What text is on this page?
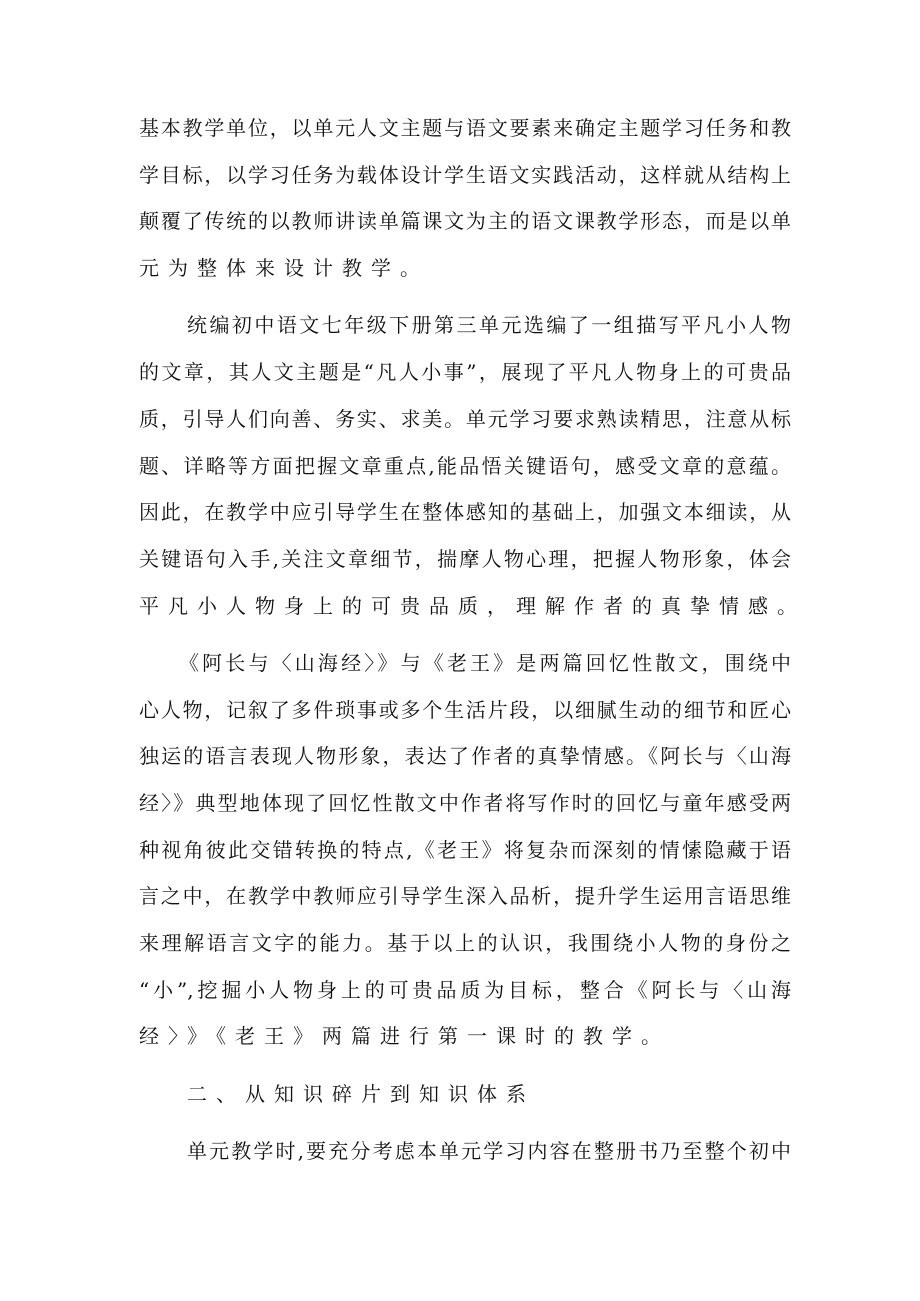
基本教学单位，以单元人文主题与语文要素来确定主题学习任务和教
学目标，以学习任务为载体设计学生语文实践活动，这样就从结构上
颠覆了传统的以教师讲读单篇课文为主的语文课教学形态，而是以单
元为整体来设计教学。
统编初中语文七年级下册第三单元选编了一组描写平凡小人物
的文章，其人文主题是“凡人小事”，展现了平凡人物身上的可贵品
质，引导人们向善、务实、求美。单元学习要求熟读精思，注意从标
题、详略等方面把握文章重点,能品悟关键语句，感受文章的意蕴。
因此，在教学中应引导学生在整体感知的基础上，加强文本细读，从
关键语句入手,关注文章细节，揣摩人物心理，把握人物形象，体会
平凡小人物身上的可贵品质，理解作者的真挚情感。
《阿长与〈山海经〉》与《老王》是两篇回忆性散文，围绕中
心人物，记叙了多件琐事或多个生活片段，以细腻生动的细节和匠心
独运的语言表现人物形象，表达了作者的真挚情感。《阿长与〈山海
经〉》典型地体现了回忆性散文中作者将写作时的回忆与童年感受两
种视角彼此交错转换的特点,《老王》将复杂而深刻的情愫隐藏于语
言之中，在教学中教师应引导学生深入品析，提升学生运用言语思维
来理解语言文字的能力。基于以上的认识，我围绕小人物的身份之
“小”,挖掘小人物身上的可贵品质为目标，整合《阿长与〈山海
经〉》《老王》两篇进行第一课时的教学。
二、从知识碎片到知识体系
单元教学时,要充分考虑本单元学习内容在整册书乃至整个初中
